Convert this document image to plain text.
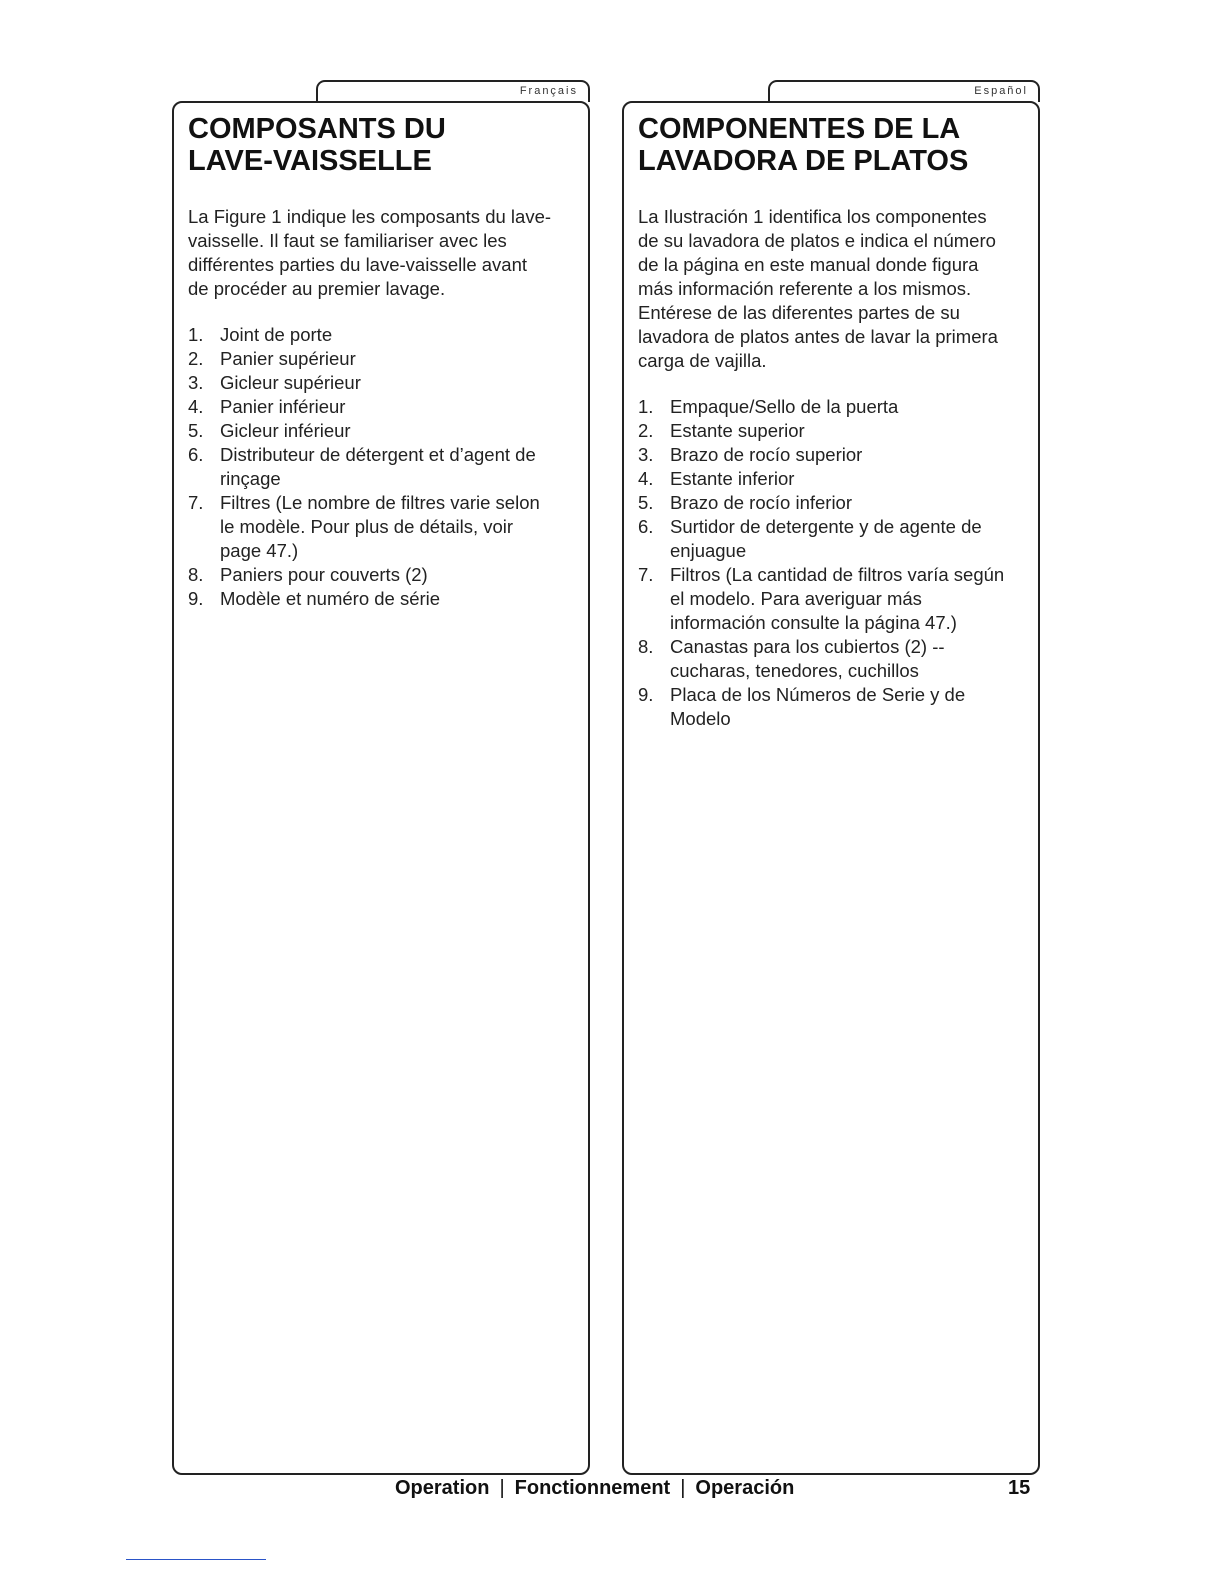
Français
COMPOSANTS DU
LAVE-VAISSELLE
La Figure 1 indique les composants du lave-
vaisselle. Il faut se familiariser avec les
différentes parties du lave-vaisselle avant
de procéder au premier lavage.
1. Joint de porte
2. Panier supérieur
3. Gicleur supérieur
4. Panier inférieur
5. Gicleur inférieur
6. Distributeur de détergent et d’agent de
rinçage
7. Filtres (Le nombre de filtres varie selon
le modèle. Pour plus de détails, voir
page 47.)
8. Paniers pour couverts (2)
9. Modèle et numéro de série
Español
COMPONENTES DE LA
LAVADORA DE PLATOS
La Ilustración 1 identifica los componentes
de su lavadora de platos e indica el número
de la página en este manual donde figura
más información referente a los mismos.
Entérese de las diferentes partes de su
lavadora de platos antes de lavar la primera
carga de vajilla.
1. Empaque/Sello de la puerta
2. Estante superior
3. Brazo de rocío superior
4. Estante inferior
5. Brazo de rocío inferior
6. Surtidor de detergente y de agente de
enjuague
7. Filtros (La cantidad de filtros varía según
el modelo. Para averiguar más
información consulte la página 47.)
8. Canastas para los cubiertos (2) --
cucharas, tenedores, cuchillos
9. Placa de los Números de Serie y de
Modelo
Operation | Fonctionnement | Operación	15
